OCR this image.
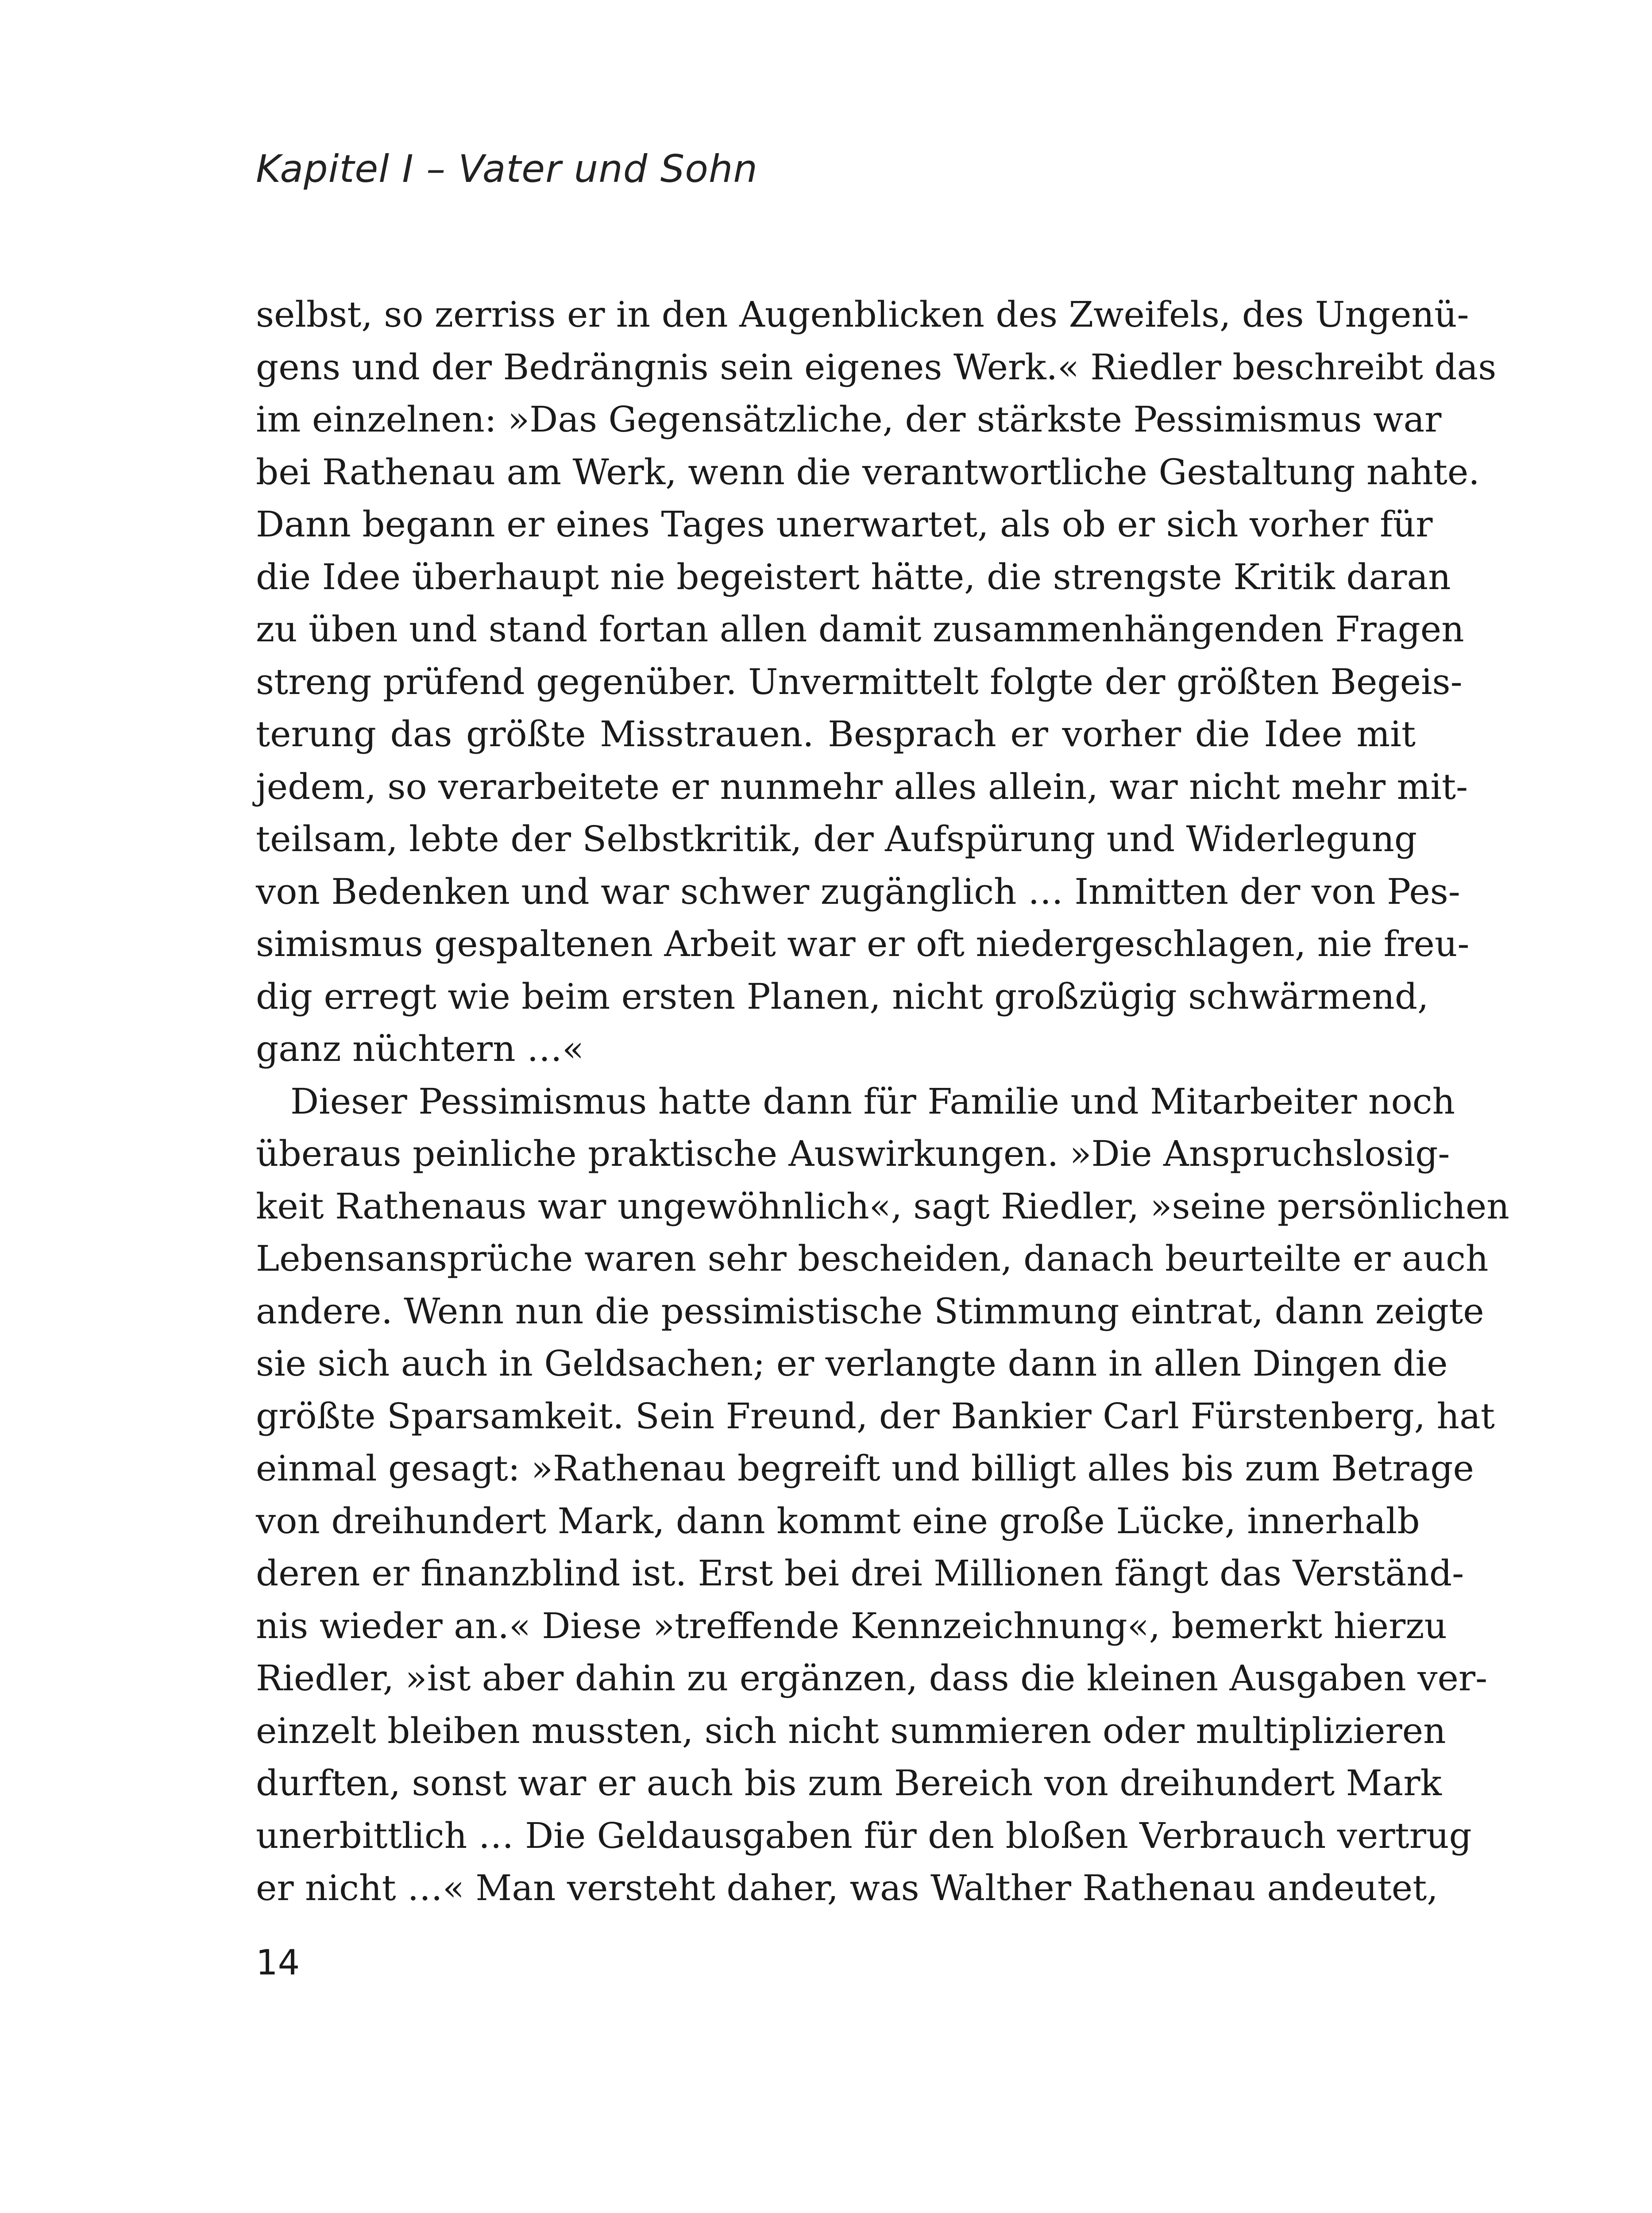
Kapitel I – Vater und Sohn
selbst, so zerriss er in den Augenblicken des Zweifels, des Ungenü-
gens und der Bedrängnis sein eigenes Werk.« Riedler beschreibt das
im einzelnen: »Das Gegensätzliche, der stärkste Pessimismus war
bei Rathenau am Werk, wenn die verantwortliche Gestaltung nahte.
Dann begann er eines Tages unerwartet, als ob er sich vorher für
die Idee überhaupt nie begeistert hätte, die strengste Kritik daran
zu üben und stand fortan allen damit zusammenhängenden Fragen
streng prüfend gegenüber. Unvermittelt folgte der größten Begeis-
terung das größte Misstrauen. Besprach er vorher die Idee mit
jedem, so verarbeitete er nunmehr alles allein, war nicht mehr mit-
teilsam, lebte der Selbstkritik, der Aufspürung und Widerlegung
von Bedenken und war schwer zugänglich … Inmitten der von Pes-
simismus gespaltenen Arbeit war er oft niedergeschlagen, nie freu-
dig erregt wie beim ersten Planen, nicht großzügig schwärmend,
ganz nüchtern …«
Dieser Pessimismus hatte dann für Familie und Mitarbeiter noch
überaus peinliche praktische Auswirkungen. »Die Anspruchslosig-
keit Rathenaus war ungewöhnlich«, sagt Riedler, »seine persönlichen
Lebensansprüche waren sehr bescheiden, danach beurteilte er auch
andere. Wenn nun die pessimistische Stimmung eintrat, dann zeigte
sie sich auch in Geldsachen; er verlangte dann in allen Dingen die
größte Sparsamkeit. Sein Freund, der Bankier Carl Fürstenberg, hat
einmal gesagt: »Rathenau begreift und billigt alles bis zum Betrage
von dreihundert Mark, dann kommt eine große Lücke, innerhalb
deren er finanzblind ist. Erst bei drei Millionen fängt das Verständ-
nis wieder an.« Diese »treffende Kennzeichnung«, bemerkt hierzu
Riedler, »ist aber dahin zu ergänzen, dass die kleinen Ausgaben ver-
einzelt bleiben mussten, sich nicht summieren oder multiplizieren
durften, sonst war er auch bis zum Bereich von dreihundert Mark
unerbittlich … Die Geldausgaben für den bloßen Verbrauch vertrug
er nicht …« Man versteht daher, was Walther Rathenau andeutet,
14
